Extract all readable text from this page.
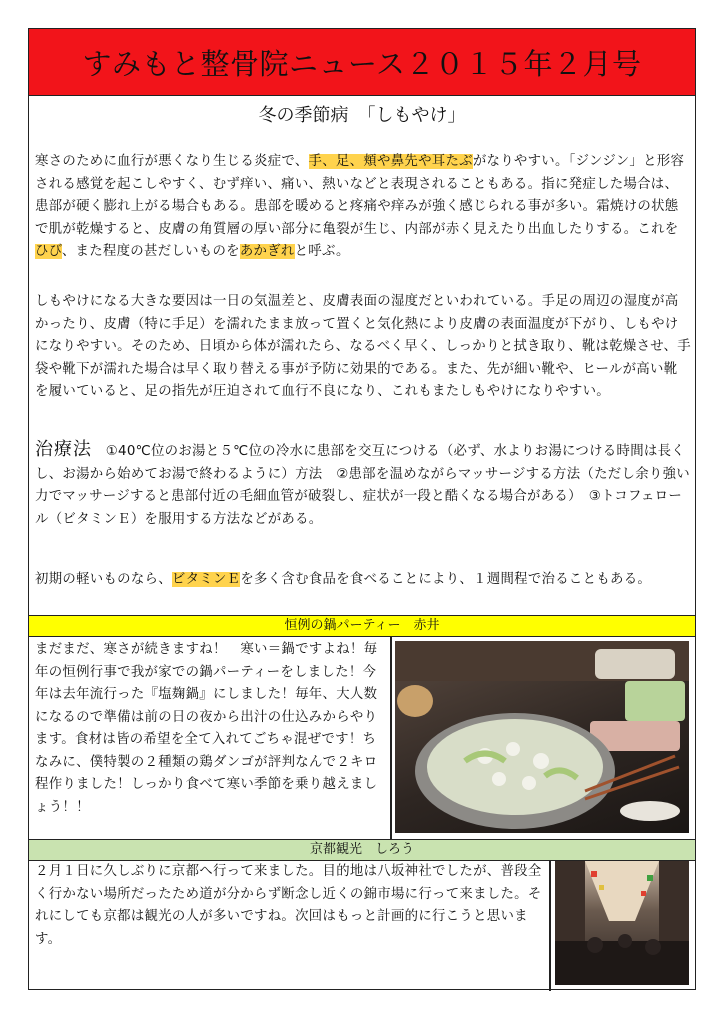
すみもと整骨院ニュース２０１５年２月号
冬の季節病　「しもやけ」
寒さのために血行が悪くなり生じる炎症で、手、足、頬や鼻先や耳たぶがなりやすい。「ジンジン」と形容される感覚を起こしやすく、むず痒い、痛い、熱いなどと表現されることもある。指に発症した場合は、患部が硬く膨れ上がる場合もある。患部を暖めると疼痛や痒みが強く感じられる事が多い。霜焼けの状態で肌が乾燥すると、皮膚の角質層の厚い部分に亀裂が生じ、内部が赤く見えたり出血したりする。これをひび、また程度の甚だしいものをあかぎれと呼ぶ。
しもやけになる大きな要因は一日の気温差と、皮膚表面の湿度だといわれている。手足の周辺の湿度が高かったり、皮膚（特に手足）を濡れたまま放って置くと気化熱により皮膚の表面温度が下がり、しもやけになりやすい。そのため、日頃から体が濡れたら、なるべく早く、しっかりと拭き取り、靴は乾燥させ、手袋や靴下が濡れた場合は早く取り替える事が予防に効果的である。また、先が細い靴や、ヒールが高い靴を履いていると、足の指先が圧迫されて血行不良になり、これもまたしもやけになりやすい。
治療法　 ①40℃位のお湯と５℃位の冷水に患部を交互につける（必ず、水よりお湯につける時間は長くし、お湯から始めてお湯で終わるように）方法　②患部を温めながらマッサージする方法（ただし余り強い力でマッサージすると患部付近の毛細血管が破裂し、症状が一段と酷くなる場合がある）　③トコフェロール（ビタミンＥ）を服用する方法などがある。
初期の軽いものなら、ビタミンＥを多く含む食品を食べることにより、１週間程で治ることもある。
恒例の鍋パーティー　赤井
まだまだ、寒さが続きますね！　寒い＝鍋ですよね！毎年の恒例行事で我が家での鍋パーティーをしました！今年は去年流行った『塩麹鍋』にしました！毎年、大人数になるので準備は前の日の夜から出汁の仕込みからやります。食材は皆の希望を全て入れてごちゃ混ぜです！ちなみに、僕特製の２種類の鶏ダンゴが評判なんで２キロ程作りました！しっかり食べて寒い季節を乗り越えましょう！！
京都観光　しろう
２月１日に久しぶりに京都へ行って来ました。目的地は八坂神社でしたが、普段全く行かない場所だったため道が分からず断念し近くの錦市場に行って来ました。それにしても京都は観光の人が多いですね。次回はもっと計画的に行こうと思います。
